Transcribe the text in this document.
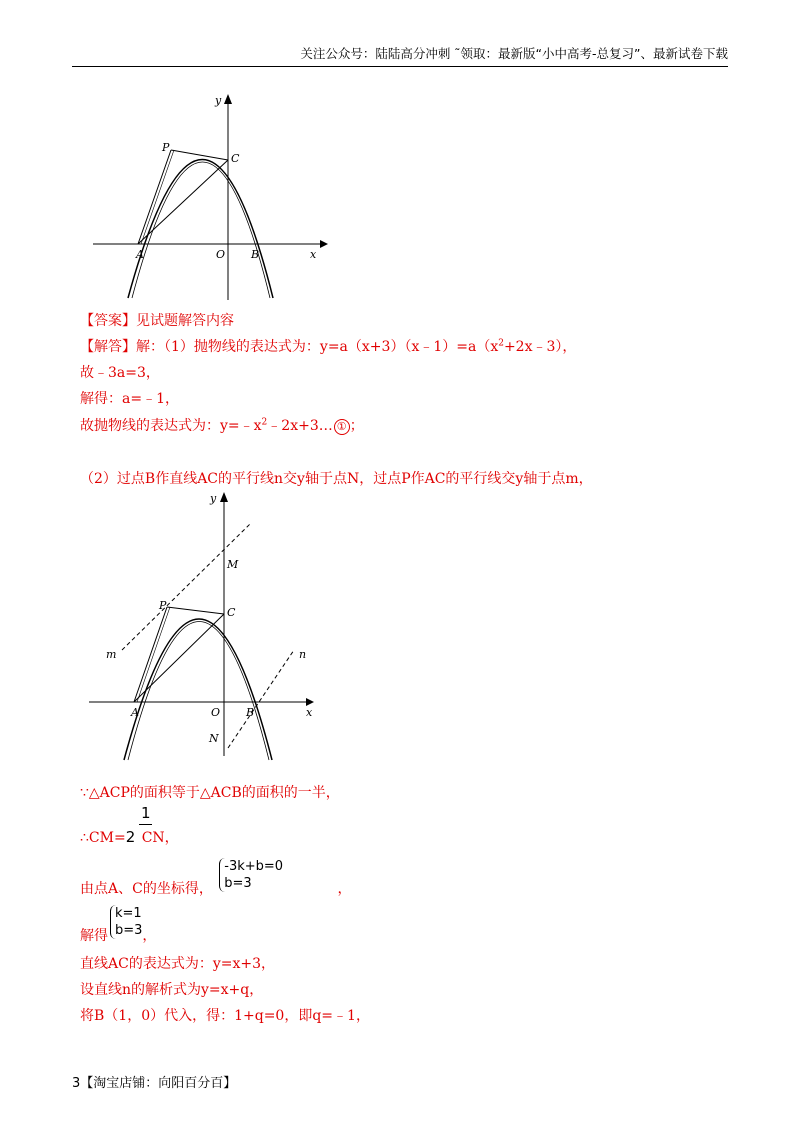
关注公众号：陆陆高分冲刺 ˜领取：最新版“小中高考-总复习”、最新试卷下载
y
x
P
C
A	O B
【答案】见试题解答内容
【解答】解：（1）抛物线的表达式为：$y=a(x+3)(x﹣1)=a(x^2+2x﹣3)$，
故﹣3a=3，
解得：a=﹣1，
故抛物线的表达式为：$y=﹣x^2﹣2x+3\dots$ ① ；
（2）过点B作直线AC的平行线n交y轴于点N，过点P作AC的平行线交y轴于点m，
y
x
M
P
C
m	n
A	O B
N
∵△ACP的面积等于△ACB的面积的一半，
1
∴CM=2 CN，
由点A、C的坐标得，
-3k+b=0
b=3	，
解得
k=1
b=3 ，
直线AC的表达式为：y=x+3，
设直线n的解析式为y=x+q，
将B（1，0）代入，得：1+q=0，即q=﹣1，
3【淘宝店铺：向阳百分百】
